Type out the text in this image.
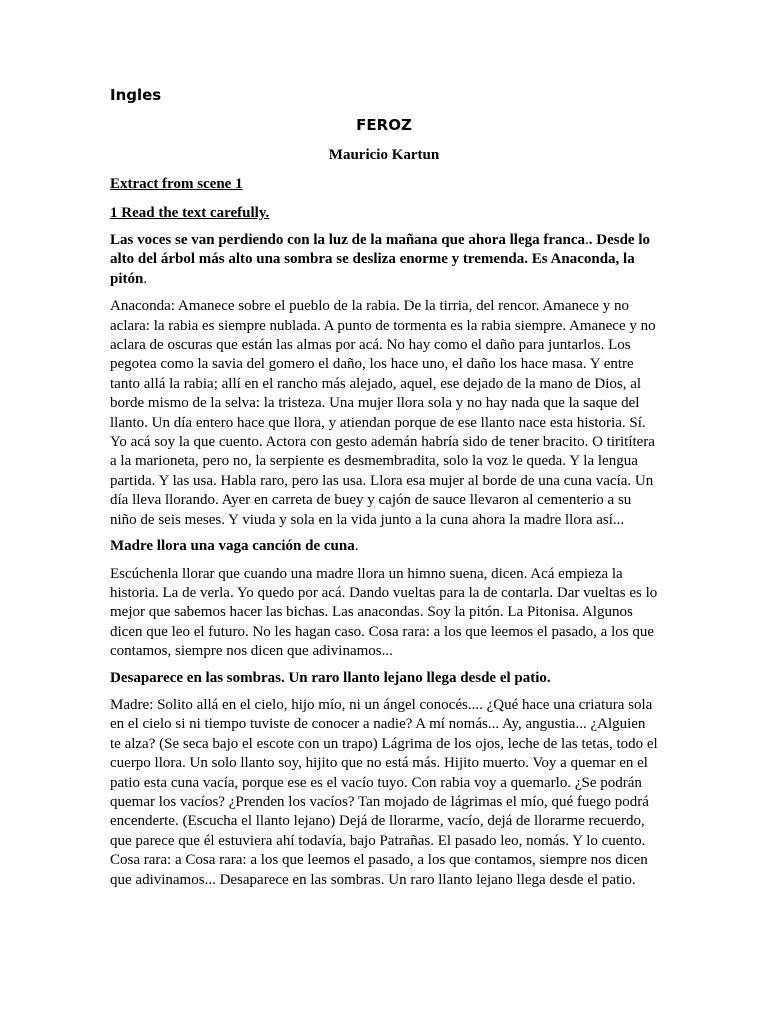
Ingles

FEROZ

Mauricio Kartun

Extract from scene 1

1 Read the text carefully.

Las voces se van perdiendo con la luz de la mañana que ahora llega franca.. Desde lo alto del árbol más alto una sombra se desliza enorme y tremenda. Es Anaconda, la pitón.

Anaconda: Amanece sobre el pueblo de la rabia. De la tirria, del rencor. Amanece y no aclara: la rabia es siempre nublada. A punto de tormenta es la rabia siempre. Amanece y no aclara de oscuras que están las almas por acá. No hay como el daño para juntarlos. Los pegotea como la savia del gomero el daño, los hace uno, el daño los hace masa. Y entre tanto allá la rabia; allí en el rancho más alejado, aquel, ese dejado de la mano de Dios, al borde mismo de la selva: la tristeza. Una mujer llora sola y no hay nada que la saque del llanto. Un día entero hace que llora, y atiendan porque de ese llanto nace esta historia. Sí. Yo acá soy la que cuento. Actora con gesto ademán habría sido de tener bracito. O tiritítera a la marioneta, pero no, la serpiente es desmembradita, solo la voz le queda. Y la lengua partida. Y las usa. Habla raro, pero las usa. Llora esa mujer al borde de una cuna vacía. Un día lleva llorando. Ayer en carreta de buey y cajón de sauce llevaron al cementerio a su niño de seis meses. Y viuda y sola en la vida junto a la cuna ahora la madre llora así...

Madre llora una vaga canción de cuna.

Escúchenla llorar que cuando una madre llora un himno suena, dicen. Acá empieza la historia. La de verla. Yo quedo por acá. Dando vueltas para la de contarla. Dar vueltas es lo mejor que sabemos hacer las bichas. Las anacondas. Soy la pitón. La Pitonisa. Algunos dicen que leo el futuro. No les hagan caso. Cosa rara: a los que leemos el pasado, a los que contamos, siempre nos dicen que adivinamos...

Desaparece en las sombras. Un raro llanto lejano llega desde el patio.

Madre: Solito allá en el cielo, hijo mío, ni un ángel conocés.... ¿Qué hace una criatura sola en el cielo si ni tiempo tuviste de conocer a nadie? A mí nomás... Ay, angustia... ¿Alguien te alza? (Se seca bajo el escote con un trapo) Lágrima de los ojos, leche de las tetas, todo el cuerpo llora. Un solo llanto soy, hijito que no está más. Hijito muerto. Voy a quemar en el patio esta cuna vacía, porque ese es el vacío tuyo. Con rabia voy a quemarlo. ¿Se podrán quemar los vacíos? ¿Prenden los vacíos? Tan mojado de lágrimas el mío, qué fuego podrá encenderte. (Escucha el llanto lejano) Dejá de llorarme, vacío, dejá de llorarme recuerdo, que parece que él estuviera ahí todavía, bajo Patrañas. El pasado leo, nomás. Y lo cuento. Cosa rara: a Cosa rara: a los que leemos el pasado, a los que contamos, siempre nos dicen que adivinamos... Desaparece en las sombras. Un raro llanto lejano llega desde el patio.
